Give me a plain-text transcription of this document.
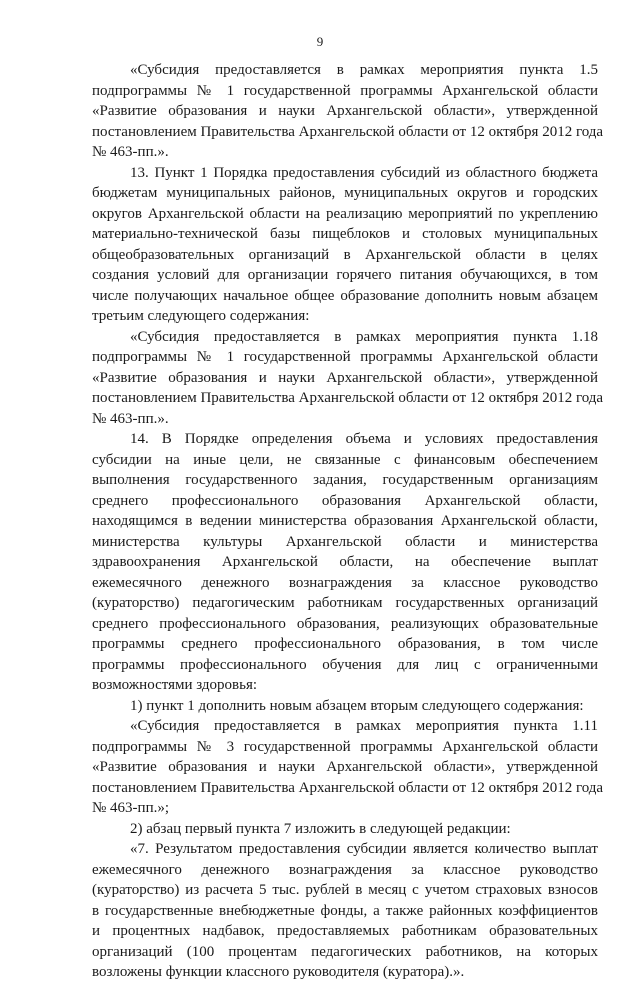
9
«Субсидия предоставляется в рамках мероприятия пункта 1.5
подпрограммы № 1 государственной программы Архангельской области
«Развитие образования и науки Архангельской области», утвержденной
постановлением Правительства Архангельской области от 12 октября 2012 года
№ 463-пп.».
13. Пункт 1 Порядка предоставления субсидий из областного бюджета
бюджетам муниципальных районов, муниципальных округов и городских
округов Архангельской области на реализацию мероприятий по укреплению
материально-технической базы пищеблоков и столовых муниципальных
общеобразовательных организаций в Архангельской области в целях
создания условий для организации горячего питания обучающихся, в том
числе получающих начальное общее образование дополнить новым абзацем
третьим следующего содержания:
«Субсидия предоставляется в рамках мероприятия пункта 1.18
подпрограммы № 1 государственной программы Архангельской области
«Развитие образования и науки Архангельской области», утвержденной
постановлением Правительства Архангельской области от 12 октября 2012 года
№ 463-пп.».
14. В Порядке определения объема и условиях предоставления
субсидии на иные цели, не связанные с финансовым обеспечением
выполнения государственного задания, государственным организациям
среднего профессионального образования Архангельской области,
находящимся в ведении министерства образования Архангельской области,
министерства культуры Архангельской области и министерства
здравоохранения Архангельской области, на обеспечение выплат
ежемесячного денежного вознаграждения за классное руководство
(кураторство) педагогическим работникам государственных организаций
среднего профессионального образования, реализующих образовательные
программы среднего профессионального образования, в том числе
программы профессионального обучения для лиц с ограниченными
возможностями здоровья:
1) пункт 1 дополнить новым абзацем вторым следующего содержания:
«Субсидия предоставляется в рамках мероприятия пункта 1.11
подпрограммы № 3 государственной программы Архангельской области
«Развитие образования и науки Архангельской области», утвержденной
постановлением Правительства Архангельской области от 12 октября 2012 года
№ 463-пп.»;
2) абзац первый пункта 7 изложить в следующей редакции:
«7. Результатом предоставления субсидии является количество выплат
ежемесячного денежного вознаграждения за классное руководство
(кураторство) из расчета 5 тыс. рублей в месяц с учетом страховых взносов
в государственные внебюджетные фонды, а также районных коэффициентов
и процентных надбавок, предоставляемых работникам образовательных
организаций (100 процентам педагогических работников, на которых
возложены функции классного руководителя (куратора).».
